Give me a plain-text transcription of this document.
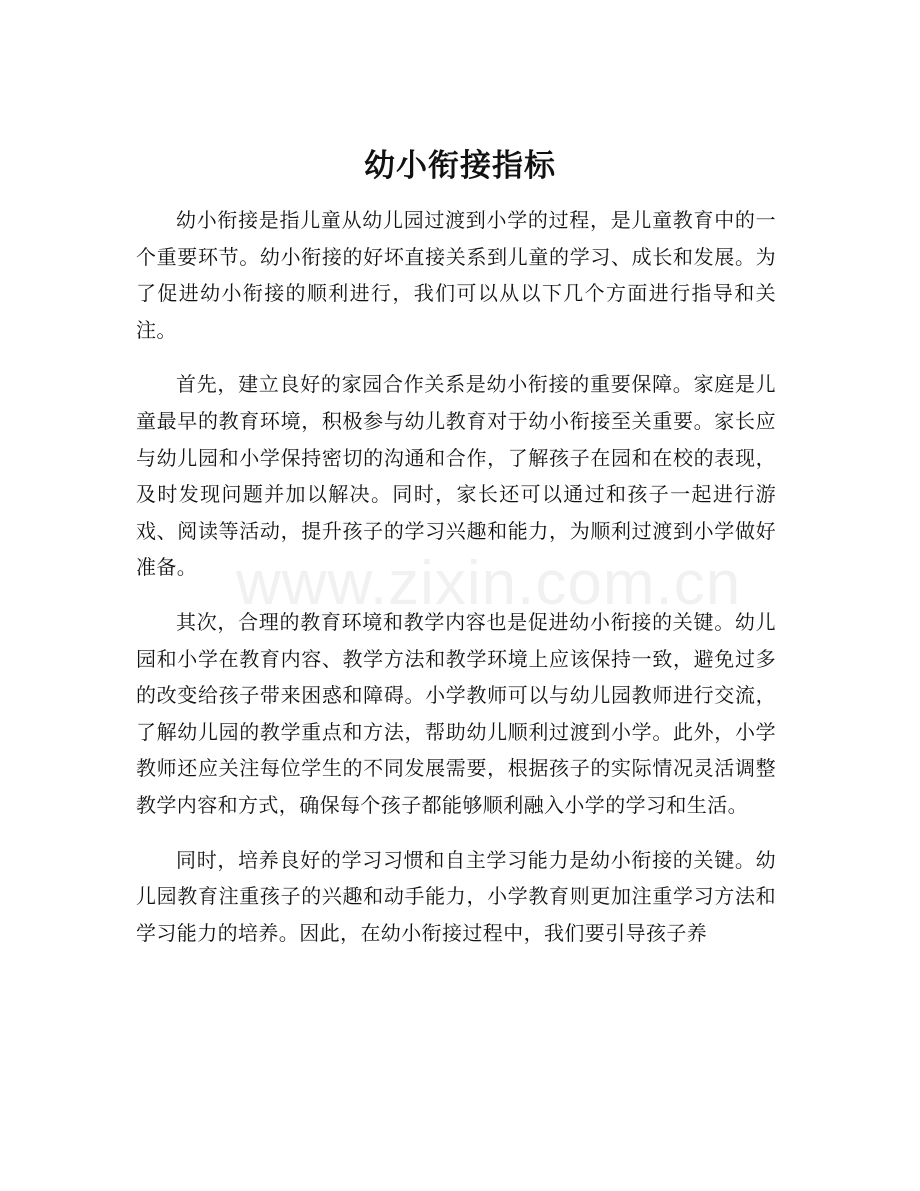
幼小衔接指标

幼小衔接是指儿童从幼儿园过渡到小学的过程，是儿童教育中的一个重要环节。幼小衔接的好坏直接关系到儿童的学习、成长和发展。为了促进幼小衔接的顺利进行，我们可以从以下几个方面进行指导和关注。

首先，建立良好的家园合作关系是幼小衔接的重要保障。家庭是儿童最早的教育环境，积极参与幼儿教育对于幼小衔接至关重要。家长应与幼儿园和小学保持密切的沟通和合作，了解孩子在园和在校的表现，及时发现问题并加以解决。同时，家长还可以通过和孩子一起进行游戏、阅读等活动，提升孩子的学习兴趣和能力，为顺利过渡到小学做好准备。

其次，合理的教育环境和教学内容也是促进幼小衔接的关键。幼儿园和小学在教育内容、教学方法和教学环境上应该保持一致，避免过多的改变给孩子带来困惑和障碍。小学教师可以与幼儿园教师进行交流，了解幼儿园的教学重点和方法，帮助幼儿顺利过渡到小学。此外，小学教师还应关注每位学生的不同发展需要，根据孩子的实际情况灵活调整教学内容和方式，确保每个孩子都能够顺利融入小学的学习和生活。

同时，培养良好的学习习惯和自主学习能力是幼小衔接的关键。幼儿园教育注重孩子的兴趣和动手能力，小学教育则更加注重学习方法和学习能力的培养。因此，在幼小衔接过程中，我们要引导孩子养

www.zixin.com.cn
